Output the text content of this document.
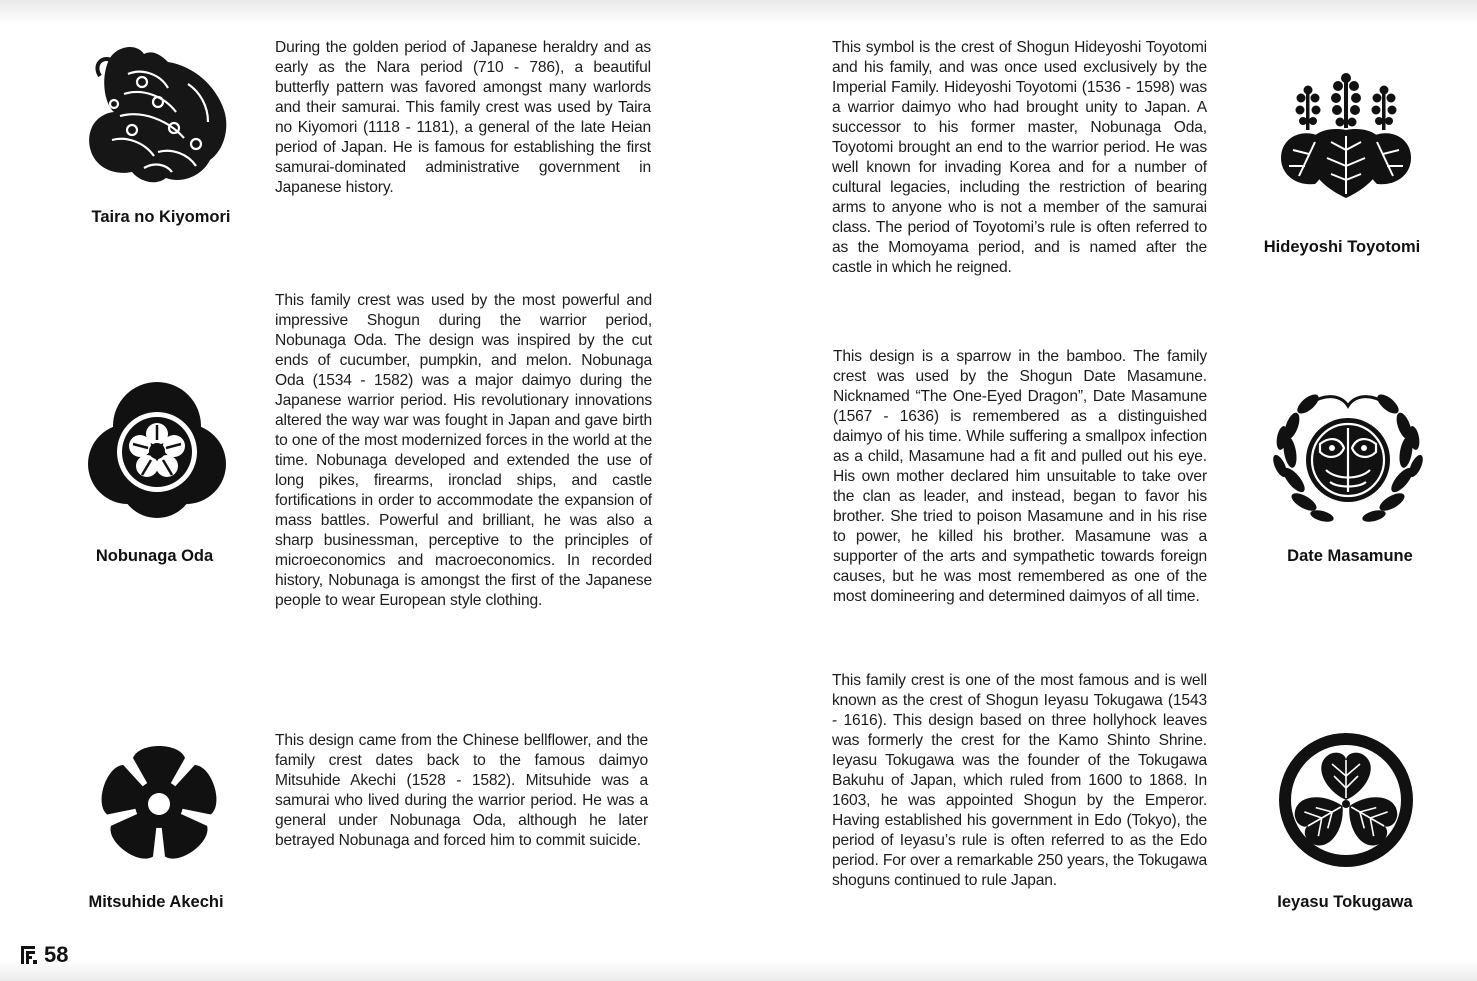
Taira no Kiyomori

During the golden period of Japanese heraldry and as early as the Nara period (710 - 786), a beautiful butterfly pattern was favored amongst many warlords and their samurai. This family crest was used by Taira no Kiyomori (1118 - 1181), a general of the late Heian period of Japan. He is famous for establishing the first samurai-dominated administrative government in Japanese history.

Nobunaga Oda

This family crest was used by the most powerful and impressive Shogun during the warrior period, Nobunaga Oda. The design was inspired by the cut ends of cucumber, pumpkin, and melon. Nobunaga Oda (1534 - 1582) was a major daimyo during the Japanese warrior period. His revolutionary innovations altered the way war was fought in Japan and gave birth to one of the most modernized forces in the world at the time. Nobunaga developed and extended the use of long pikes, firearms, ironclad ships, and castle fortifications in order to accommodate the expansion of mass battles. Powerful and brilliant, he was also a sharp businessman, perceptive to the principles of microeconomics and macroeconomics. In recorded history, Nobunaga is amongst the first of the Japanese people to wear European style clothing.

Mitsuhide Akechi

This design came from the Chinese bellflower, and the family crest dates back to the famous daimyo Mitsuhide Akechi (1528 - 1582). Mitsuhide was a samurai who lived during the warrior period. He was a general under Nobunaga Oda, although he later betrayed Nobunaga and forced him to commit suicide.

This symbol is the crest of Shogun Hideyoshi Toyotomi and his family, and was once used exclusively by the Imperial Family. Hideyoshi Toyotomi (1536 - 1598) was a warrior daimyo who had brought unity to Japan. A successor to his former master, Nobunaga Oda, Toyotomi brought an end to the warrior period. He was well known for invading Korea and for a number of cultural legacies, including the restriction of bearing arms to anyone who is not a member of the samurai class. The period of Toyotomi’s rule is often referred to as the Momoyama period, and is named after the castle in which he reigned.

Hideyoshi Toyotomi

This design is a sparrow in the bamboo. The family crest was used by the Shogun Date Masamune. Nicknamed “The One-Eyed Dragon”, Date Masamune (1567 - 1636) is remembered as a distinguished daimyo of his time. While suffering a smallpox infection as a child, Masamune had a fit and pulled out his eye. His own mother declared him unsuitable to take over the clan as leader, and instead, began to favor his brother. She tried to poison Masamune and in his rise to power, he killed his brother. Masamune was a supporter of the arts and sympathetic towards foreign causes, but he was most remembered as one of the most domineering and determined daimyos of all time.

Date Masamune

This family crest is one of the most famous and is well known as the crest of Shogun Ieyasu Tokugawa (1543 - 1616). This design based on three hollyhock leaves was formerly the crest for the Kamo Shinto Shrine. Ieyasu Tokugawa was the founder of the Tokugawa Bakuhu of Japan, which ruled from 1600 to 1868. In 1603, he was appointed Shogun by the Emperor. Having established his government in Edo (Tokyo), the period of Ieyasu’s rule is often referred to as the Edo period. For over a remarkable 250 years, the Tokugawa shoguns continued to rule Japan.

Ieyasu Tokugawa

58
